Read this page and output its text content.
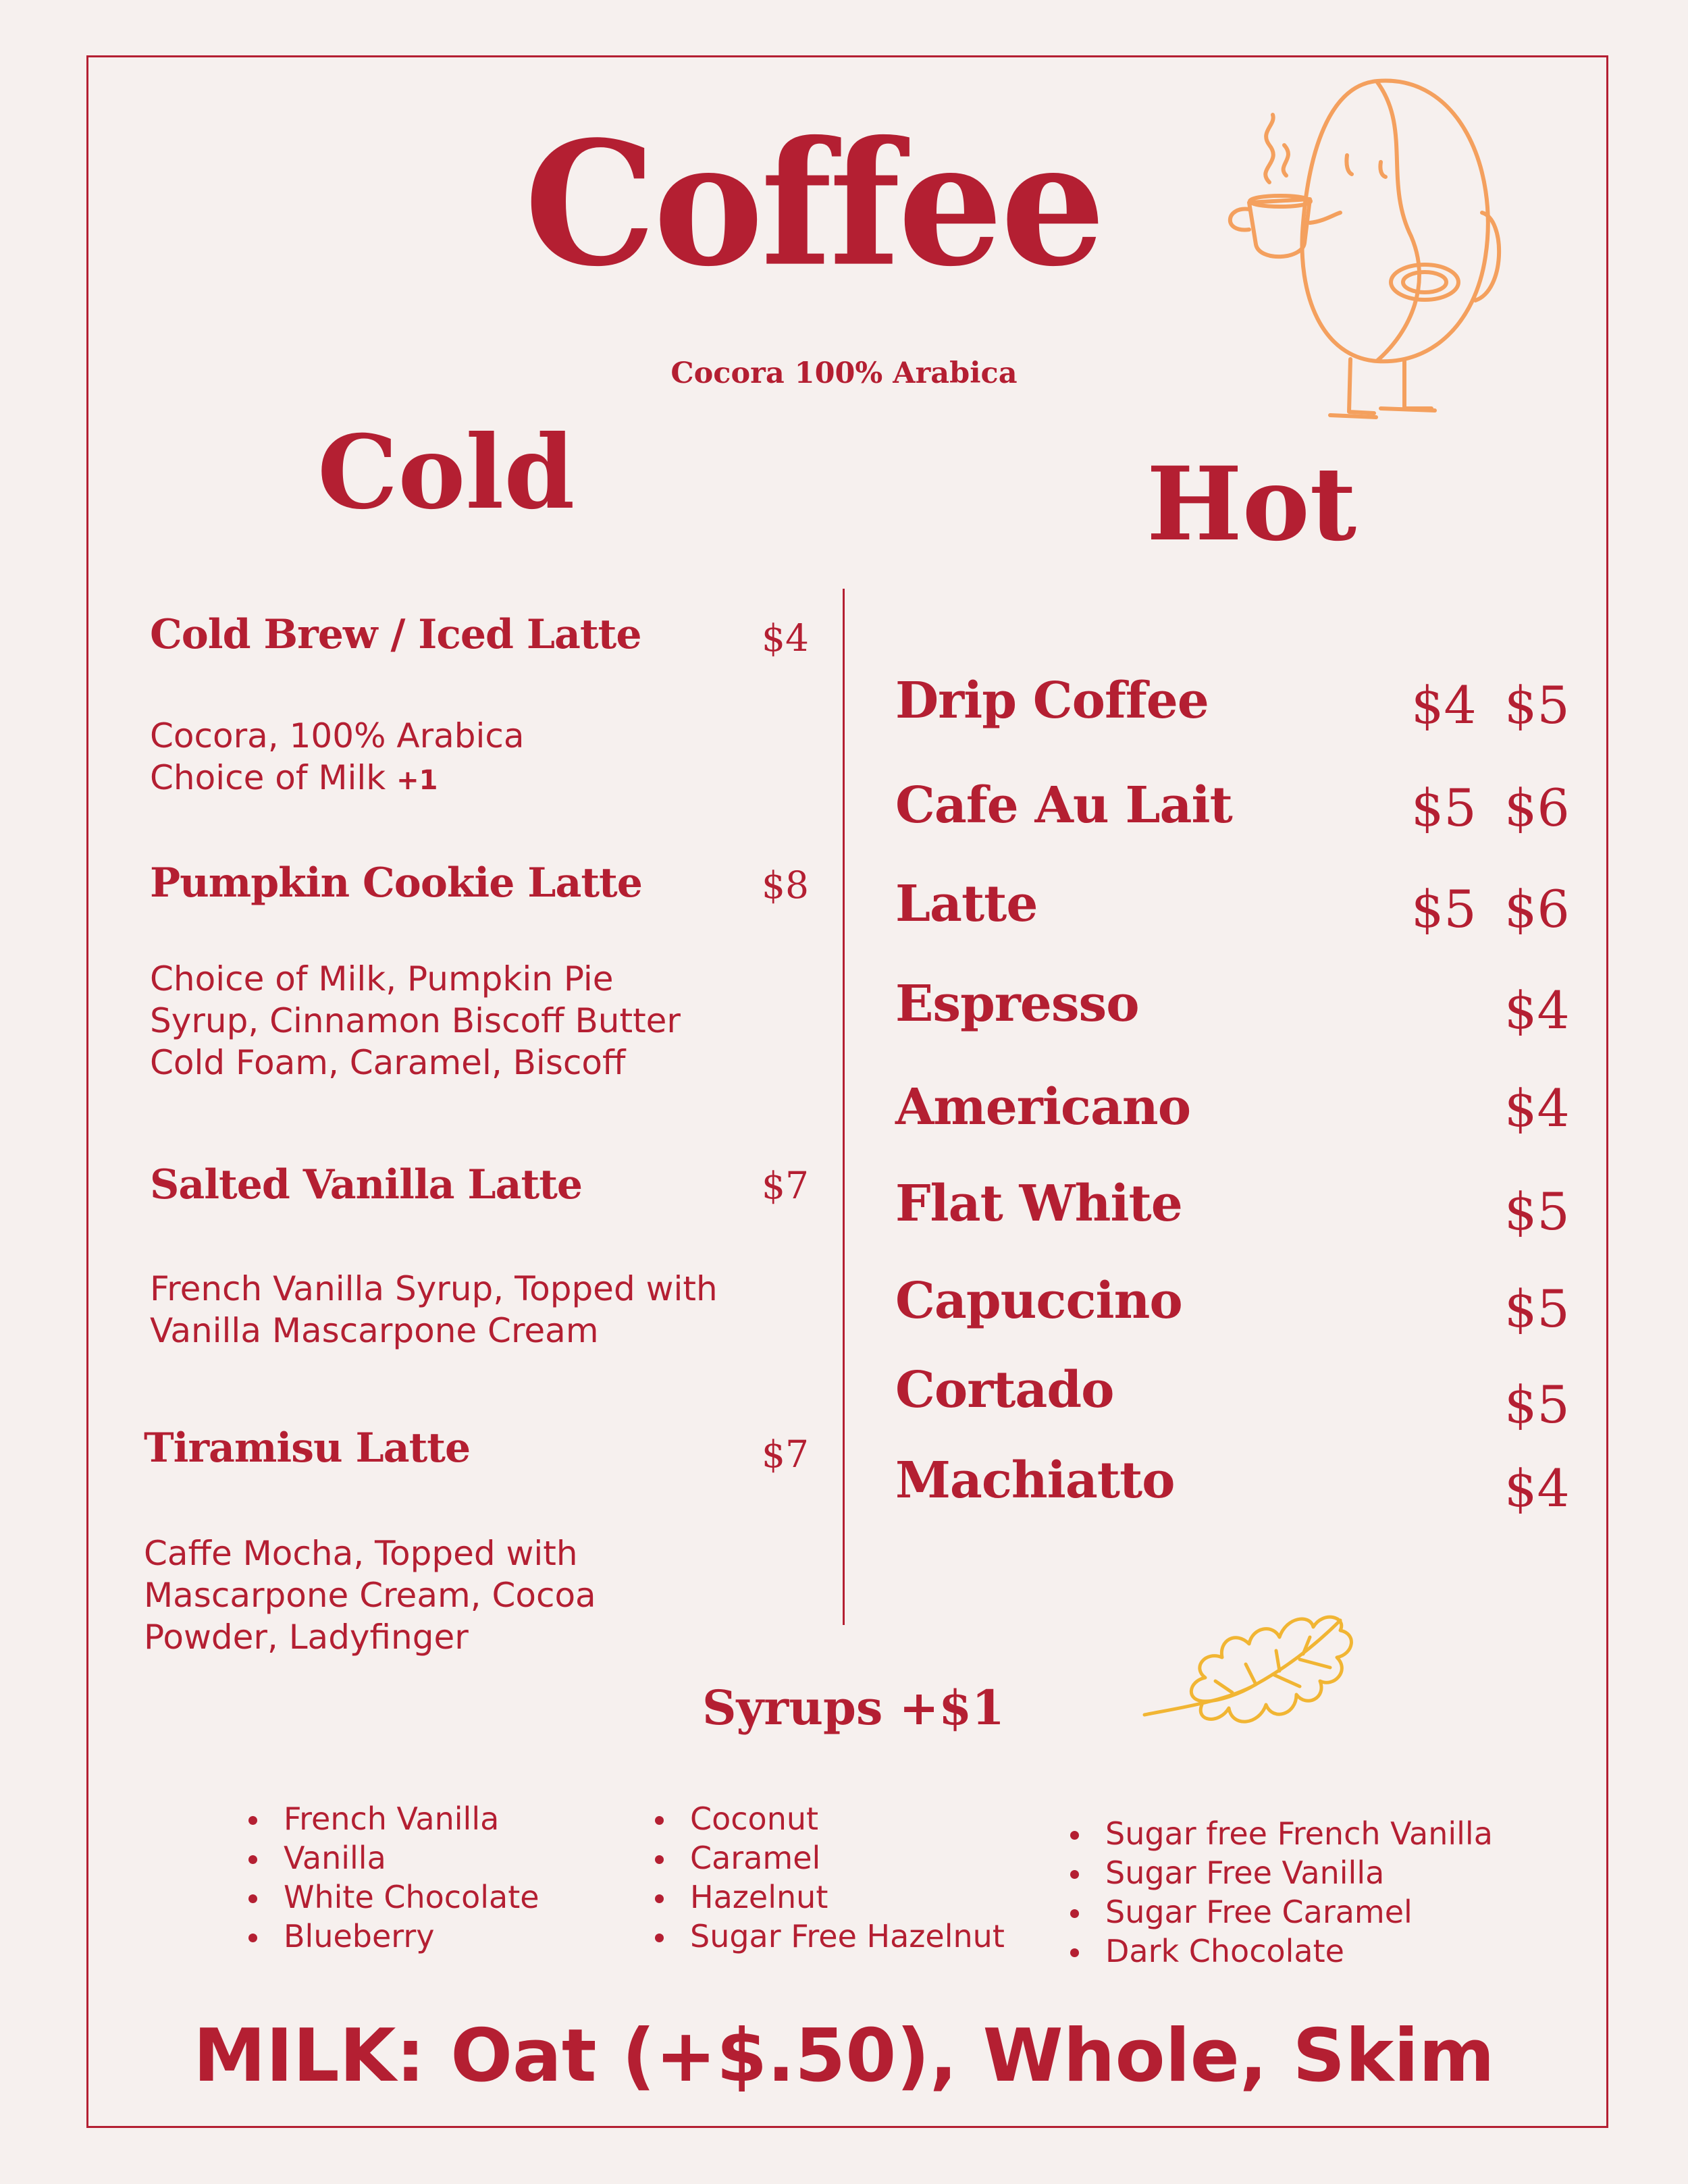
Coffee
Cocora 100% Arabica
Cold	Hot
Cold Brew / Iced Latte	$4
Cocora, 100% Arabica
Choice of Milk +1
Pumpkin Cookie Latte	$8
Choice of Milk, Pumpkin Pie Syrup, Cinnamon Biscoff Butter Cold Foam, Caramel, Biscoff
Salted Vanilla Latte	$7
French Vanilla Syrup, Topped with Vanilla Mascarpone Cream
Tiramisu Latte	$7
Caffe Mocha, Topped with Mascarpone Cream, Cocoa Powder, Ladyfinger
Drip Coffee	$4 $5
Cafe Au Lait	$5 $6
Latte	$5 $6
Espresso	$4
Americano	$4
Flat White	$5
Capuccino	$5
Cortado	$5
Machiatto	$4
Syrups +$1
French Vanilla
Vanilla
White Chocolate
Blueberry
Coconut
Caramel
Hazelnut
Sugar Free Hazelnut
Sugar free French Vanilla
Sugar Free Vanilla
Sugar Free Caramel
Dark Chocolate
MILK: Oat (+$.50), Whole, Skim
